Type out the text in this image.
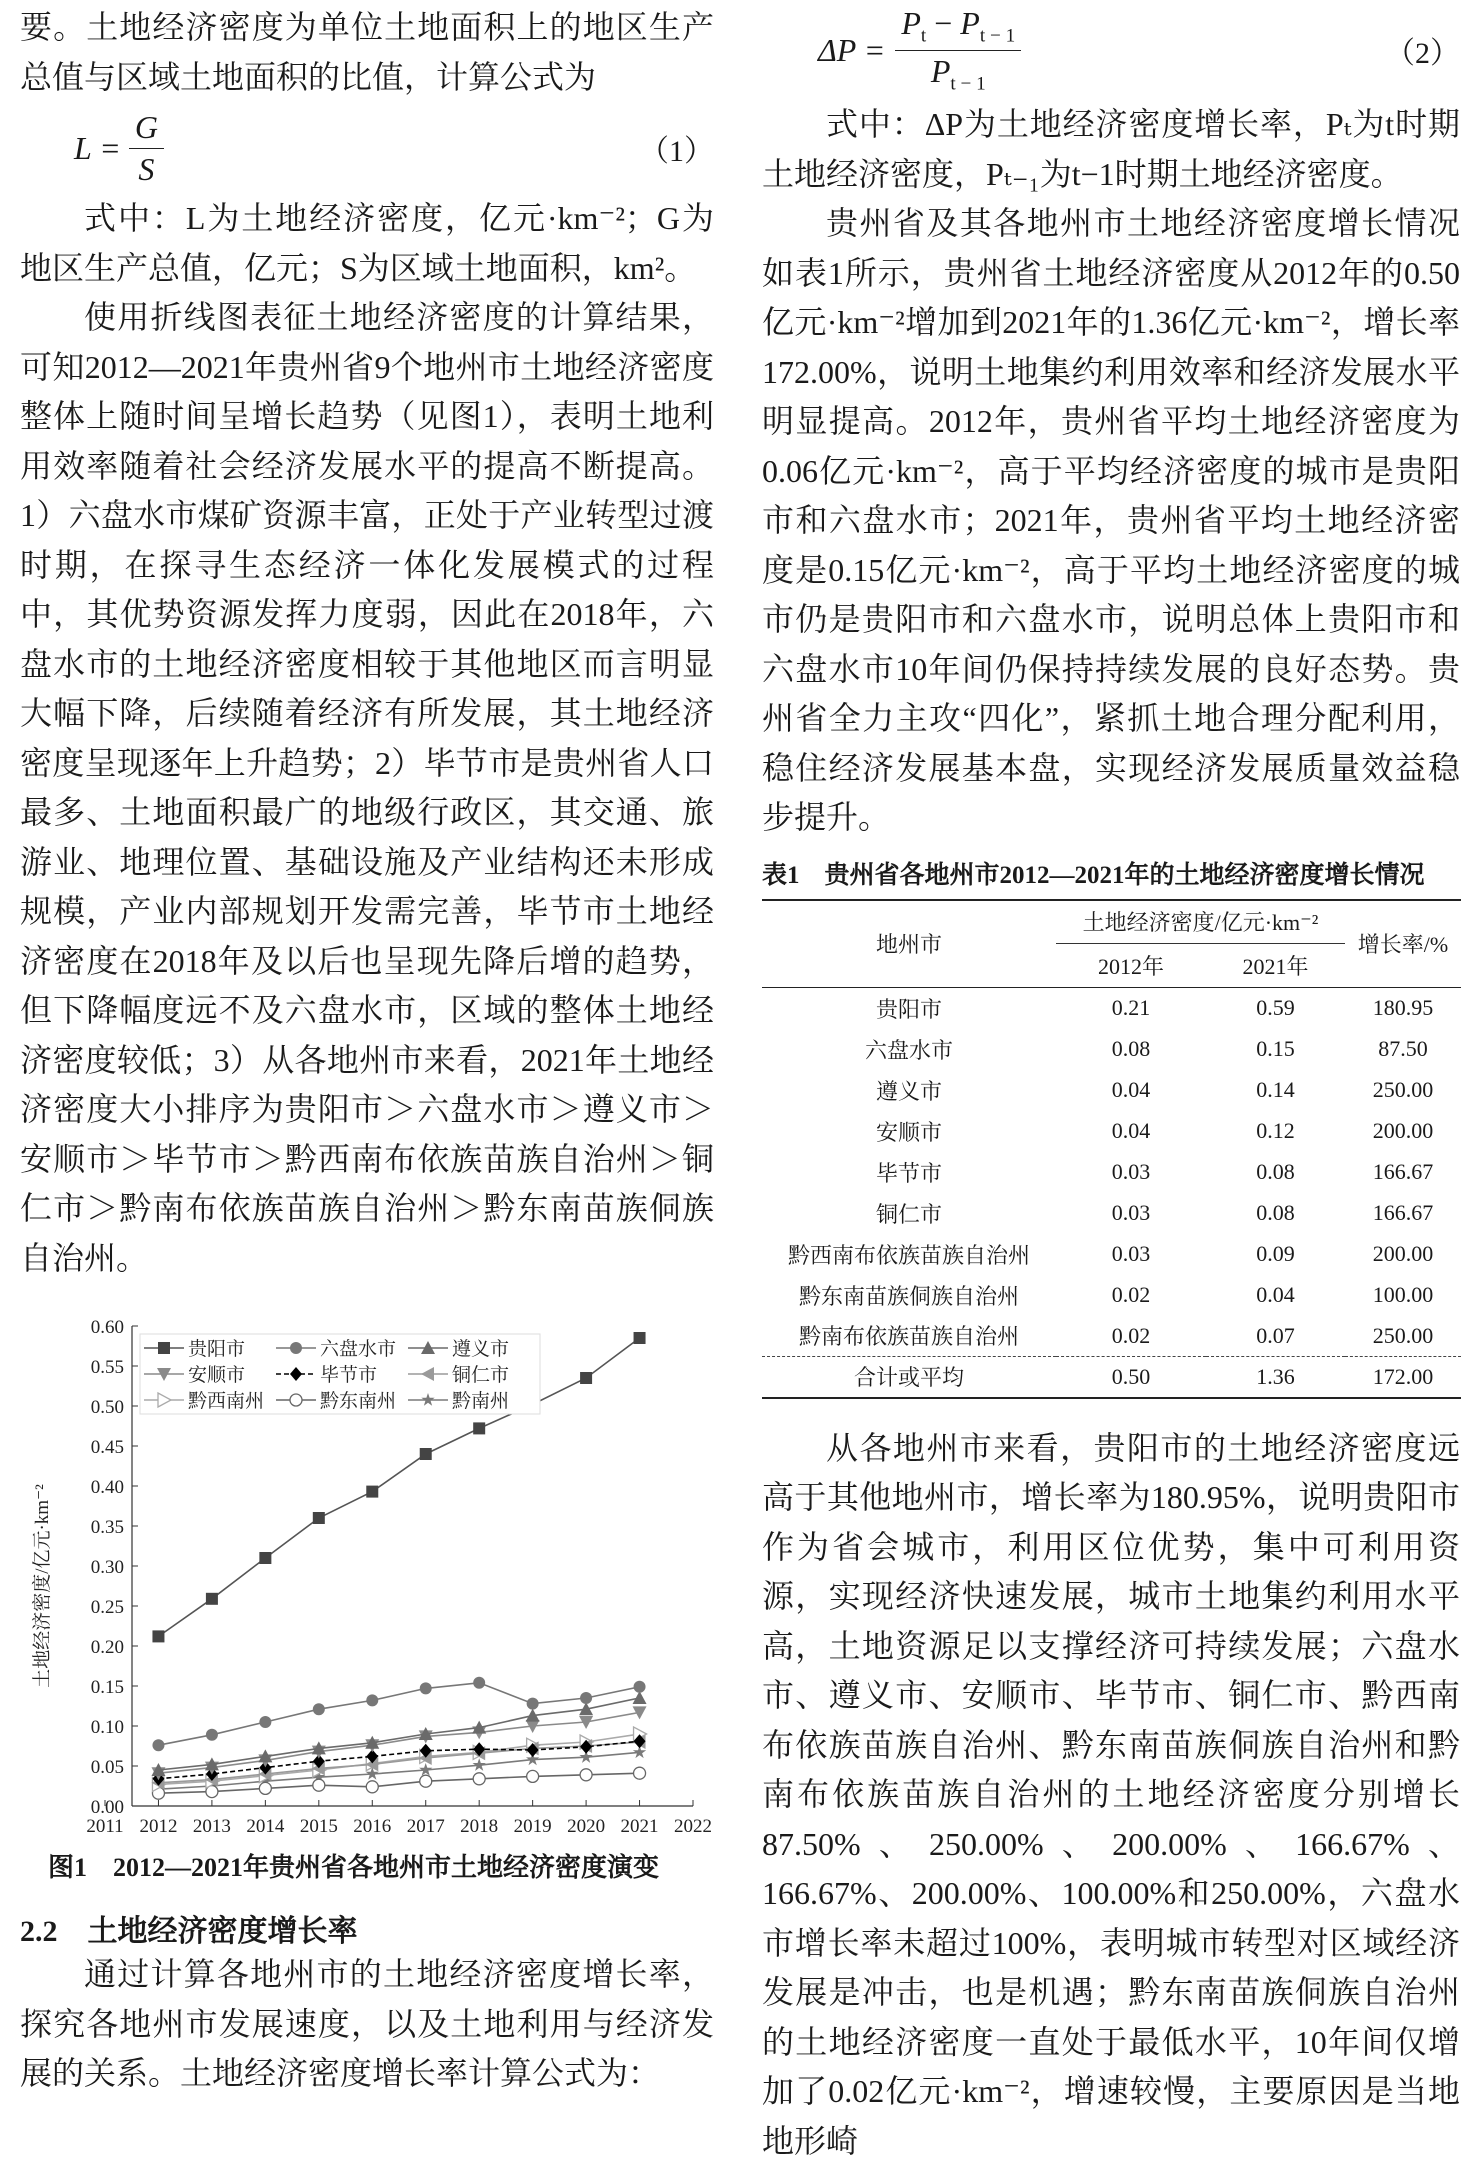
要。土地经济密度为单位土地面积上的地区生产总值与区域土地面积的比值，计算公式为

$L = \frac{G}{S}$	（1）

式中：L为土地经济密度，亿元·km⁻²；G为地区生产总值，亿元；S为区域土地面积，km²。

使用折线图表征土地经济密度的计算结果，可知2012—2021年贵州省9个地州市土地经济密度整体上随时间呈增长趋势（见图1），表明土地利用效率随着社会经济发展水平的提高不断提高。1）六盘水市煤矿资源丰富，正处于产业转型过渡时期，在探寻生态经济一体化发展模式的过程中，其优势资源发挥力度弱，因此在2018年，六盘水市的土地经济密度相较于其他地区而言明显大幅下降，后续随着经济有所发展，其土地经济密度呈现逐年上升趋势；2）毕节市是贵州省人口最多、土地面积最广的地级行政区，其交通、旅游业、地理位置、基础设施及产业结构还未形成规模，产业内部规划开发需完善，毕节市土地经济密度在2018年及以后也呈现先降后增的趋势，但下降幅度远不及六盘水市，区域的整体土地经济密度较低；3）从各地州市来看，2021年土地经济密度大小排序为贵阳市＞六盘水市＞遵义市＞安顺市＞毕节市＞黔西南布依族苗族自治州＞铜仁市＞黔南布依族苗族自治州＞黔东南苗族侗族自治州。

0.00
0.05
0.10
0.15
0.20
0.25
0.30
0.35
0.40
0.45
0.50
0.55
0.60
2011 2012 2013 2014 2015 2016 2017 2018 2019 2020 2021 2022
土地经济密度/亿元·km⁻²
贵阳市	六盘水市	遵义市
安顺市	毕节市	铜仁市
黔西南州	黔东南州	黔南州
图1　2012—2021年贵州省各地州市土地经济密度演变
2.2　土地经济密度增长率

通过计算各地州市的土地经济密度增长率，探究各地州市发展速度，以及土地利用与经济发展的关系。土地经济密度增长率计算公式为：

$\Delta P = \frac{P_t - P_{t - 1}}{P_{t - 1}}$	（2）

式中：ΔP为土地经济密度增长率，Pₜ为t时期土地经济密度，Pₜ₋₁为t−1时期土地经济密度。

贵州省及其各地州市土地经济密度增长情况如表1所示，贵州省土地经济密度从2012年的0.50亿元·km⁻²增加到2021年的1.36亿元·km⁻²，增长率172.00%，说明土地集约利用效率和经济发展水平明显提高。2012年，贵州省平均土地经济密度为0.06亿元·km⁻²，高于平均经济密度的城市是贵阳市和六盘水市；2021年，贵州省平均土地经济密度是0.15亿元·km⁻²，高于平均土地经济密度的城市仍是贵阳市和六盘水市，说明总体上贵阳市和六盘水市10年间仍保持持续发展的良好态势。贵州省全力主攻“四化”，紧抓土地合理分配利用，稳住经济发展基本盘，实现经济发展质量效益稳步提升。

表1　贵州省各地州市2012—2021年的土地经济密度增长情况
地州市	土地经济密度/亿元·km⁻²		增长率/%
	2012年	2021年	
贵阳市	0.21	0.59	180.95
六盘水市	0.08	0.15	87.50
遵义市	0.04	0.14	250.00
安顺市	0.04	0.12	200.00
毕节市	0.03	0.08	166.67
铜仁市	0.03	0.08	166.67
黔西南布依族苗族自治州	0.03	0.09	200.00
黔东南苗族侗族自治州	0.02	0.04	100.00
黔南布依族苗族自治州	0.02	0.07	250.00
合计或平均	0.50	1.36	172.00

从各地州市来看，贵阳市的土地经济密度远高于其他地州市，增长率为180.95%，说明贵阳市作为省会城市，利用区位优势，集中可利用资源，实现经济快速发展，城市土地集约利用水平高，土地资源足以支撑经济可持续发展；六盘水市、遵义市、安顺市、毕节市、铜仁市、黔西南布依族苗族自治州、黔东南苗族侗族自治州和黔南布依族苗族自治州的土地经济密度分别增长87.50%、250.00%、200.00%、166.67%、166.67%、200.00%、100.00%和250.00%，六盘水市增长率未超过100%，表明城市转型对区域经济发展是冲击，也是机遇；黔东南苗族侗族自治州的土地经济密度一直处于最低水平，10年间仅增加了0.02亿元·km⁻²，增速较慢，主要原因是当地地形崎
